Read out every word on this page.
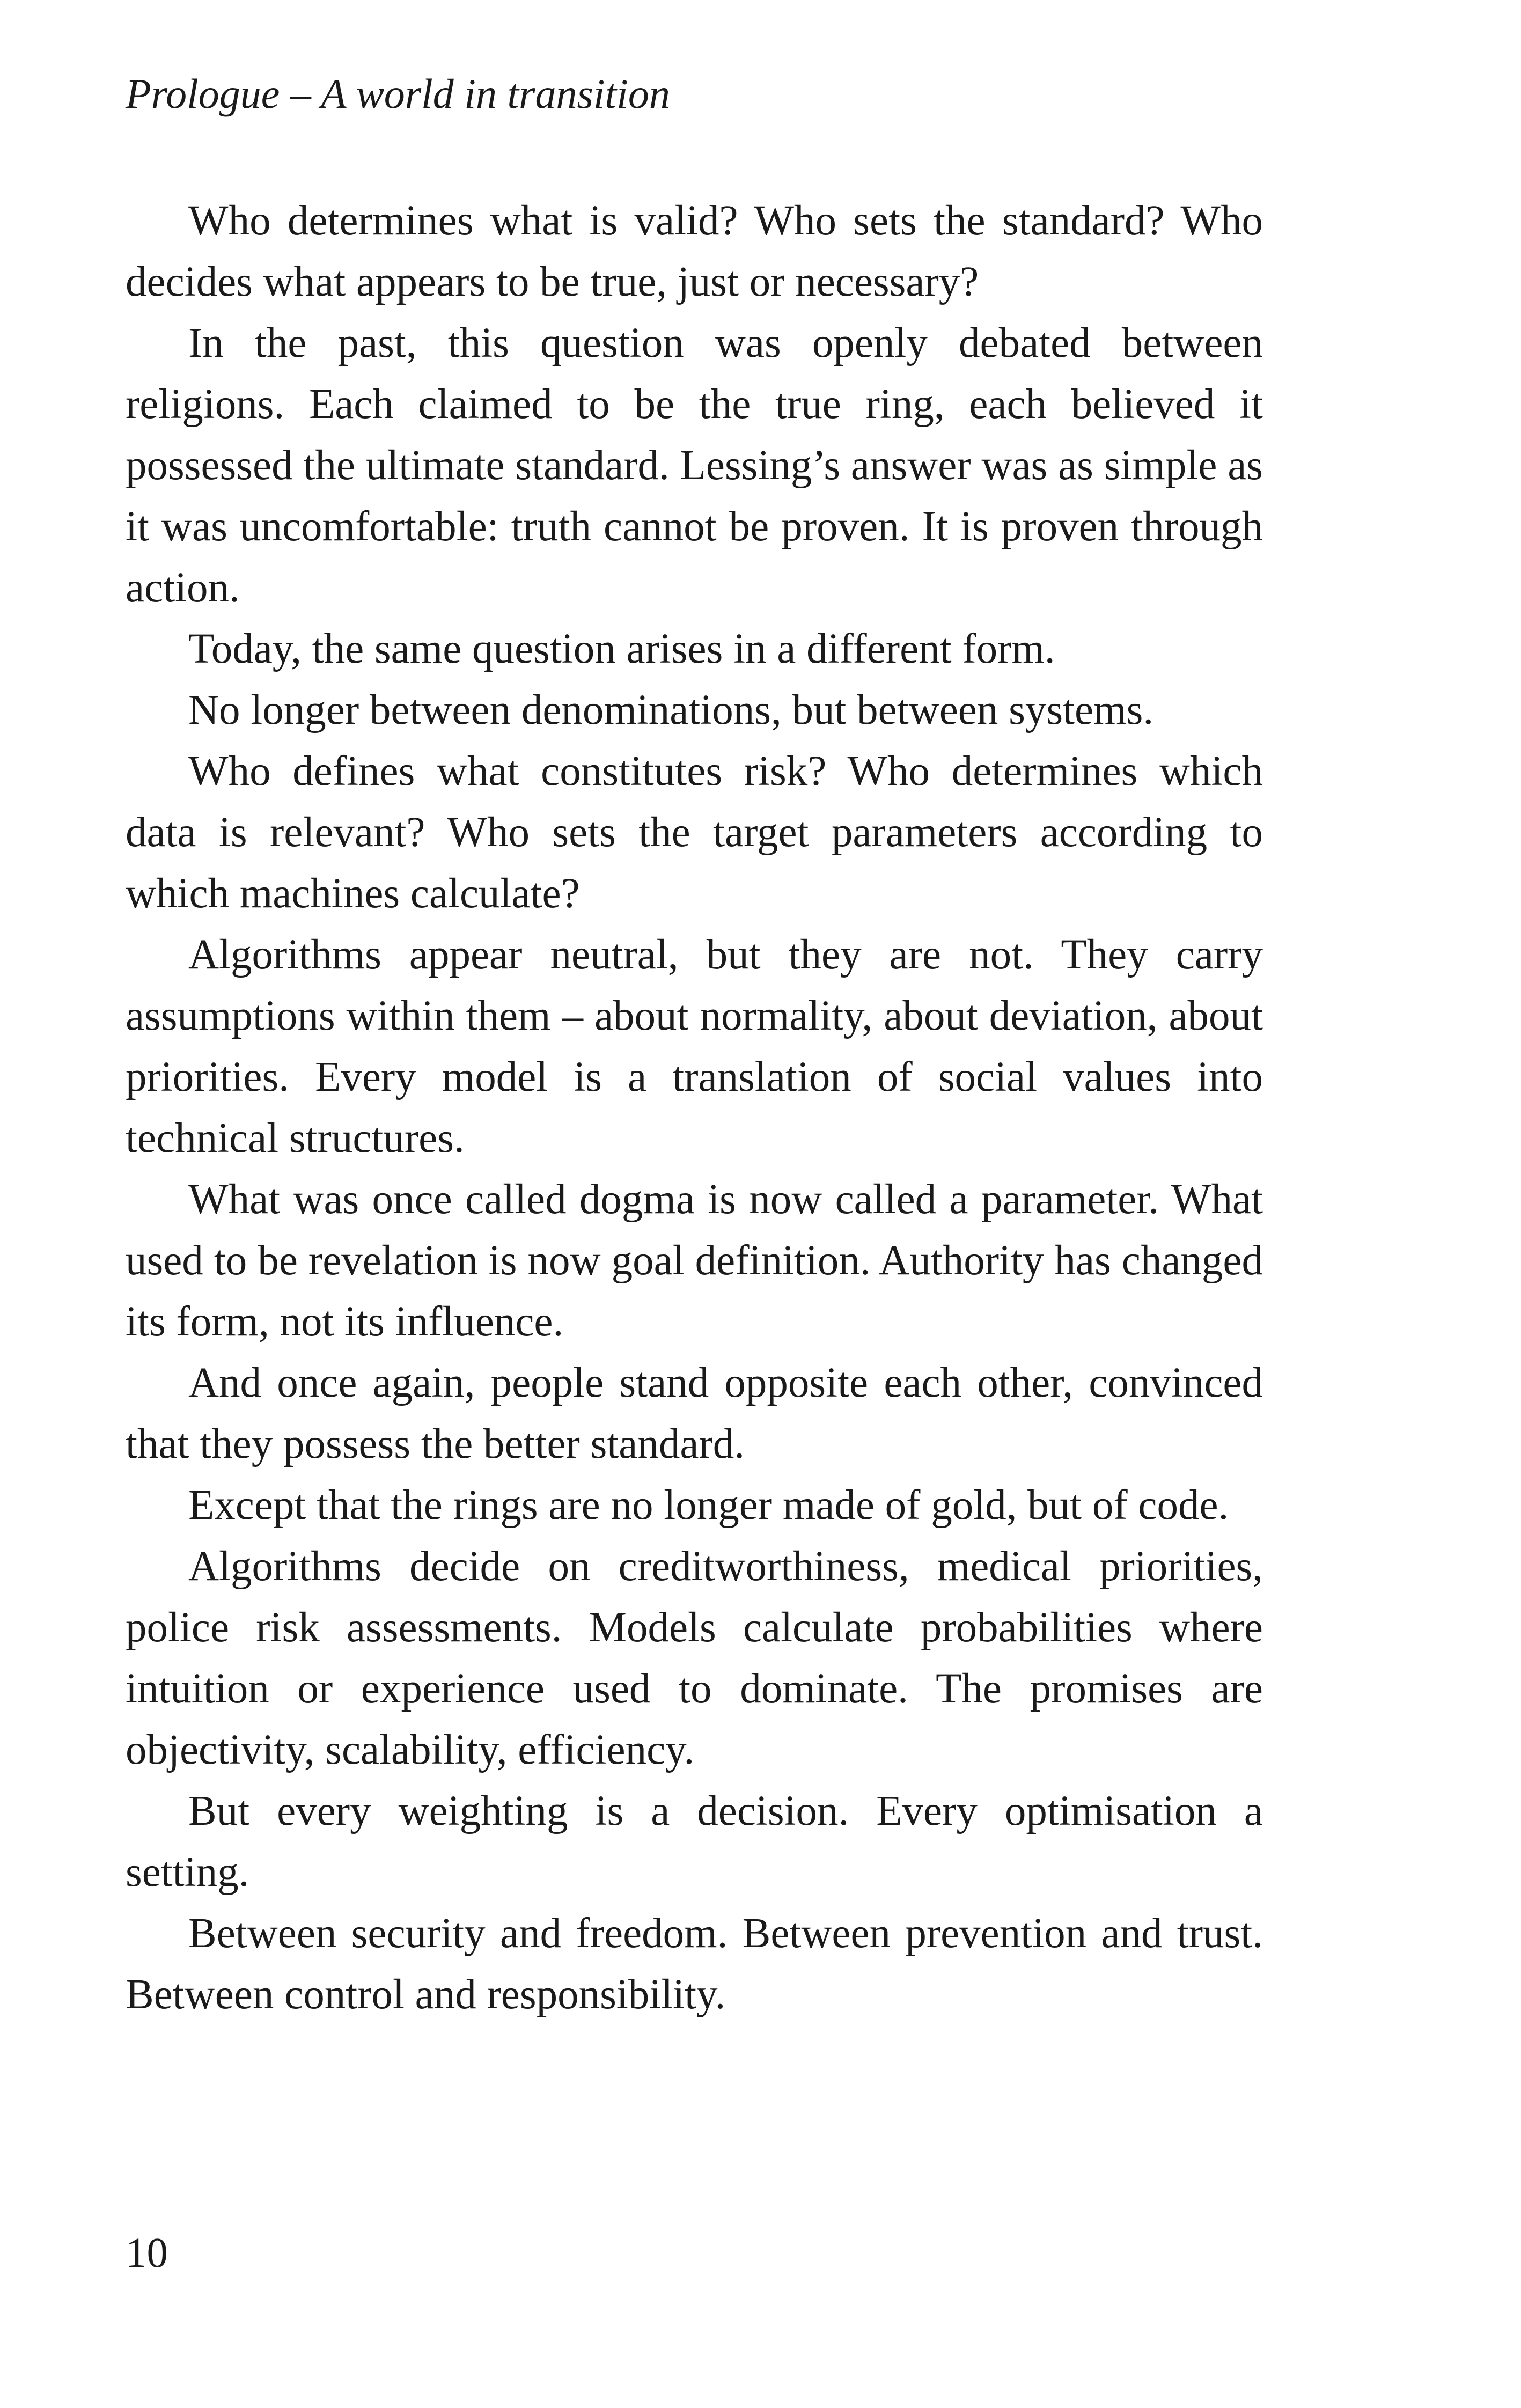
Prologue – A world in transition

Who determines what is valid? Who sets the standard? Who decides what appears to be true, just or necessary?

In the past, this question was openly debated between religions. Each claimed to be the true ring, each believed it possessed the ultimate standard. Lessing’s answer was as simple as it was uncomfortable: truth cannot be proven. It is proven through action.

Today, the same question arises in a different form.

No longer between denominations, but between systems.

Who defines what constitutes risk? Who determines which data is relevant? Who sets the target parameters according to which machines calculate?

Algorithms appear neutral, but they are not. They carry assumptions within them – about normality, about deviation, about priorities. Every model is a translation of social values into technical structures.

What was once called dogma is now called a parameter. What used to be revelation is now goal definition. Authority has changed its form, not its influence.

And once again, people stand opposite each other, convinced that they possess the better standard.

Except that the rings are no longer made of gold, but of code.

Algorithms decide on creditworthiness, medical priorities, police risk assessments. Models calculate probabilities where intuition or experience used to dominate. The promises are objectivity, scalability, efficiency.

But every weighting is a decision. Every optimisation a setting.

Between security and freedom. Between prevention and trust. Between control and responsibility.

10
